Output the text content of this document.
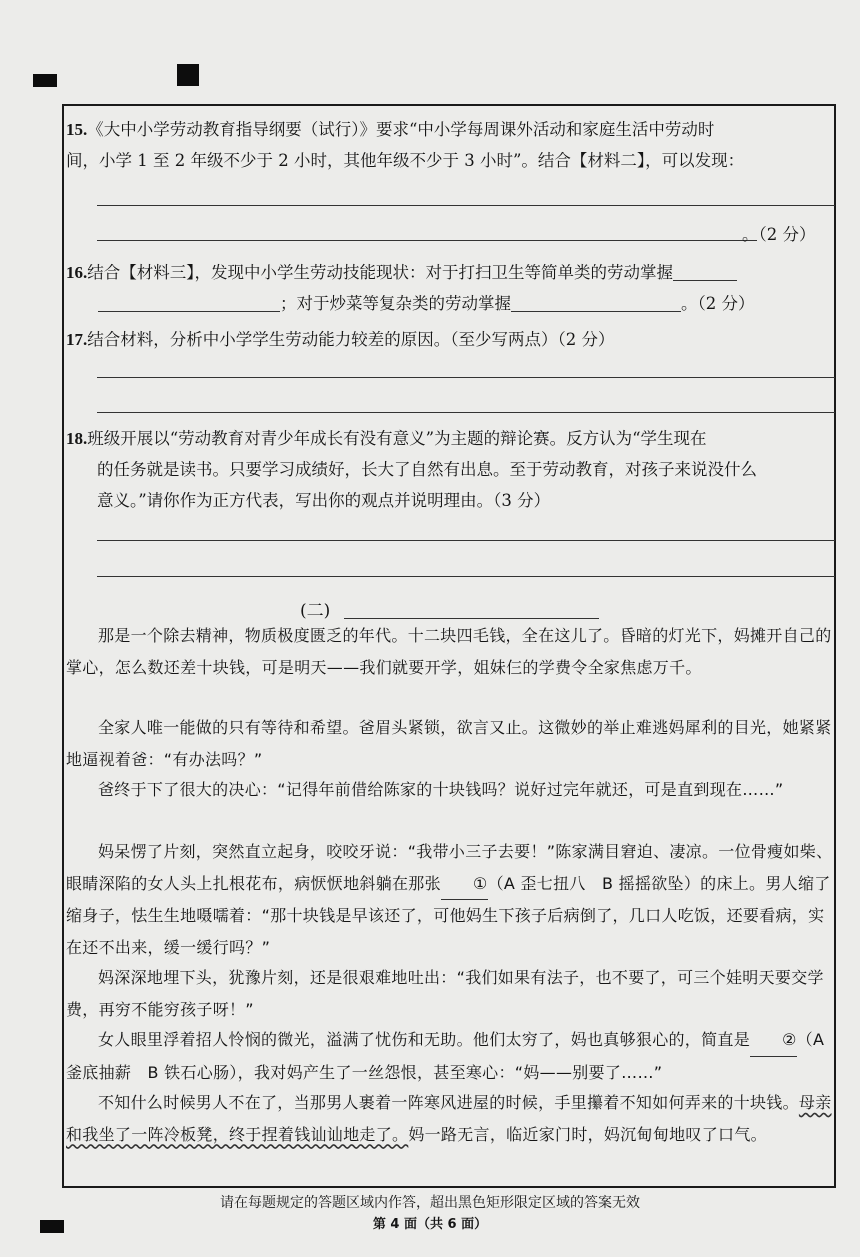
15.《大中小学劳动教育指导纲要（试行）》要求“中小学每周课外活动和家庭生活中劳动时
间，小学 1 至 2 年级不少于 2 小时，其他年级不少于 3 小时”。结合【材料二】，可以发现：
。（2 分）
16.结合【材料三】，发现中小学生劳动技能现状：对于打扫卫生等简单类的劳动掌握
；对于炒菜等复杂类的劳动掌握	。（2 分）
17.结合材料，分析中小学学生劳动能力较差的原因。（至少写两点）（2 分）
18.班级开展以“劳动教育对青少年成长有没有意义”为主题的辩论赛。反方认为“学生现在
的任务就是读书。只要学习成绩好，长大了自然有出息。至于劳动教育，对孩子来说没什么
意义。”请你作为正方代表，写出你的观点并说明理由。（3 分）
(二)
那是一个除去精神，物质极度匮乏的年代。十二块四毛钱，全在这儿了。昏暗的灯光下，妈摊开自己的掌心，怎么数还差十块钱，可是明天——我们就要开学，姐妹仨的学费令全家焦虑万千。
全家人唯一能做的只有等待和希望。爸眉头紧锁，欲言又止。这微妙的举止难逃妈犀利的目光，她紧紧地逼视着爸：“有办法吗？”
爸终于下了很大的决心：“记得年前借给陈家的十块钱吗？说好过完年就还，可是直到现在……”
妈呆愣了片刻，突然直立起身，咬咬牙说：“我带小三子去要！”陈家满目窘迫、凄凉。一位骨瘦如柴、眼睛深陷的女人头上扎根花布，病恹恹地斜躺在那张 ①（A 歪七扭八　B 摇摇欲坠）的床上。男人缩了缩身子，怯生生地嗫嚅着：“那十块钱是早该还了，可他妈生下孩子后病倒了，几口人吃饭，还要看病，实在还不出来，缓一缓行吗？”
妈深深地埋下头，犹豫片刻，还是很艰难地吐出：“我们如果有法子，也不要了，可三个娃明天要交学费，再穷不能穷孩子呀！”
女人眼里浮着招人怜悯的微光，溢满了忧伤和无助。他们太穷了，妈也真够狠心的，简直是 ②（A 釜底抽薪　B 铁石心肠），我对妈产生了一丝怨恨，甚至寒心：“妈——别要了……”
不知什么时候男人不在了，当那男人裹着一阵寒风进屋的时候，手里攥着不知如何弄来的十块钱。母亲和我坐了一阵冷板凳，终于捏着钱讪讪地走了。妈一路无言，临近家门时，妈沉甸甸地叹了口气。
请在每题规定的答题区域内作答，超出黑色矩形限定区域的答案无效
第 4 面（共 6 面）
